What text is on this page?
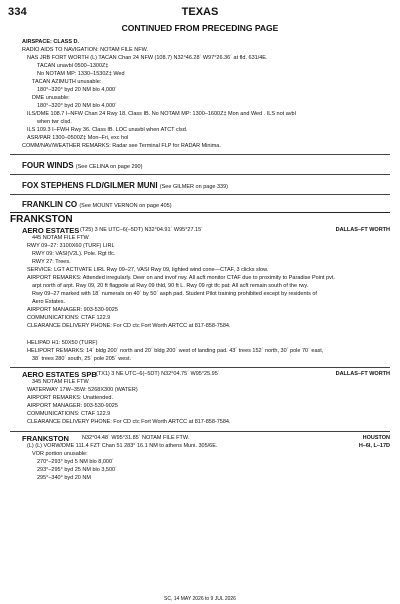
334	TEXAS
CONTINUED FROM PRECEDING PAGE
AIRSPACE: CLASS D.
RADIO AIDS TO NAVIGATION: NOTAM FILE NFW.
NAS JRB FORT WORTH (L) TACAN Chan 24 NFW (108.7) N32°46.28´ W97°26.36´ at fld. 631/4E.
TACAN unavbl 0500–1300Z‡
No NOTAM MP: 1330–1530Z‡ Wed
TACAN AZIMUTH unusable:
180°–320° byd 20 NM blo 4,000´
DME unusable:
180°–320° byd 20 NM blo 4,000´
ILS/DME 108.7 I–NFW Chan 24 Rwy 18. Class IB. No NOTAM MP: 1300–1600Z‡ Mon and Wed . ILS not avbl
when twr clsd.
ILS 109.3 I–FWH Rwy 36. Class IB. LOC unavbl when ATCT clsd.
ASR/PAR 1300–0500Z‡ Mon–Fri, exc hol
COMM/NAV/WEATHER REMARKS: Radar see Terminal FLP for RADAR Minima.
FOUR WINDS (See CELINA on page 290)
FOX STEPHENS FLD/GILMER MUNI (See GILMER on page 339)
FRANKLIN CO (See MOUNT VERNON on page 405)
FRANKSTON
AERO ESTATES (T25) 3 NE UTC–6(–5DT) N32°04.91´ W95°27.15´	DALLAS–FT WORTH
445 NOTAM FILE FTW
RWY 09–27: 3100X60 (TURF) LIRL
RWY 09: VASI(V2L). Pole. Rgt tfc.
RWY 27: Trees.
SERVICE: LGT ACTIVATE LIRL Rwy 09–27, VASI Rwy 09, lighted wind cone—CTAF, 3 clicks slow.
AIRPORT REMARKS: Attended irregularly. Deer on and invof rwy. All acft monitor CTAF due to proximity to Paradise Point pvt.
arpt north of arpt. Rwy 09, 20 ft flagpole at Rwy 09 thld, 90 ft L. Rwy 09 rgt tfc pat: All acft remain south of the rwy.
Rwy 09–27 marked with 18´ numerals on 40´ by 50´ asph pad. Student Pilot training prohibited except by residents of
Aero Estates.
AIRPORT MANAGER: 903-530-9025
COMMUNICATIONS: CTAF 122.9
CLEARANCE DELIVERY PHONE: For CD ctc Fort Worth ARTCC at 817-858-7584.
HELIPAD H1: 50X50 (TURF)
HELIPORT REMARKS: 14´ bldg 200´ north and 20´ bldg 200´ west of landing pad. 43´ trees 152´ north, 30´ pole 70´ east,
38´ trees 280´ south, 25´ pole 205´ west.
AERO ESTATES SPB (TX1) 3 NE UTC–6(–5DT) N32°04.75´ W95°25.95´	DALLAS–FT WORTH
345 NOTAM FILE FTW
WATERWAY 17W–35W: 5268X300 (WATER)
AIRPORT REMARKS: Unattended.
AIRPORT MANAGER: 903-530-9025
COMMUNICATIONS: CTAF 122.9
CLEARANCE DELIVERY PHONE: For CD ctc Fort Worth ARTCC at 817-858-7584.
FRANKSTON N32°04.48´ W95°31.85´ NOTAM FILE FTW.	HOUSTON
(L) (L) VORW/DME 111.4 FZT Chan 51 283° 16.1 NM to athens Muni. 305/6E.	H–6I, L–17D
VOR portion unusable:
270°–293° byd 5 NM blo 8,000´
293°–295° byd 25 NM blo 3,500´
295°–340° byd 20 NM
SC, 14 MAY 2026 to 9 JUL 2026
